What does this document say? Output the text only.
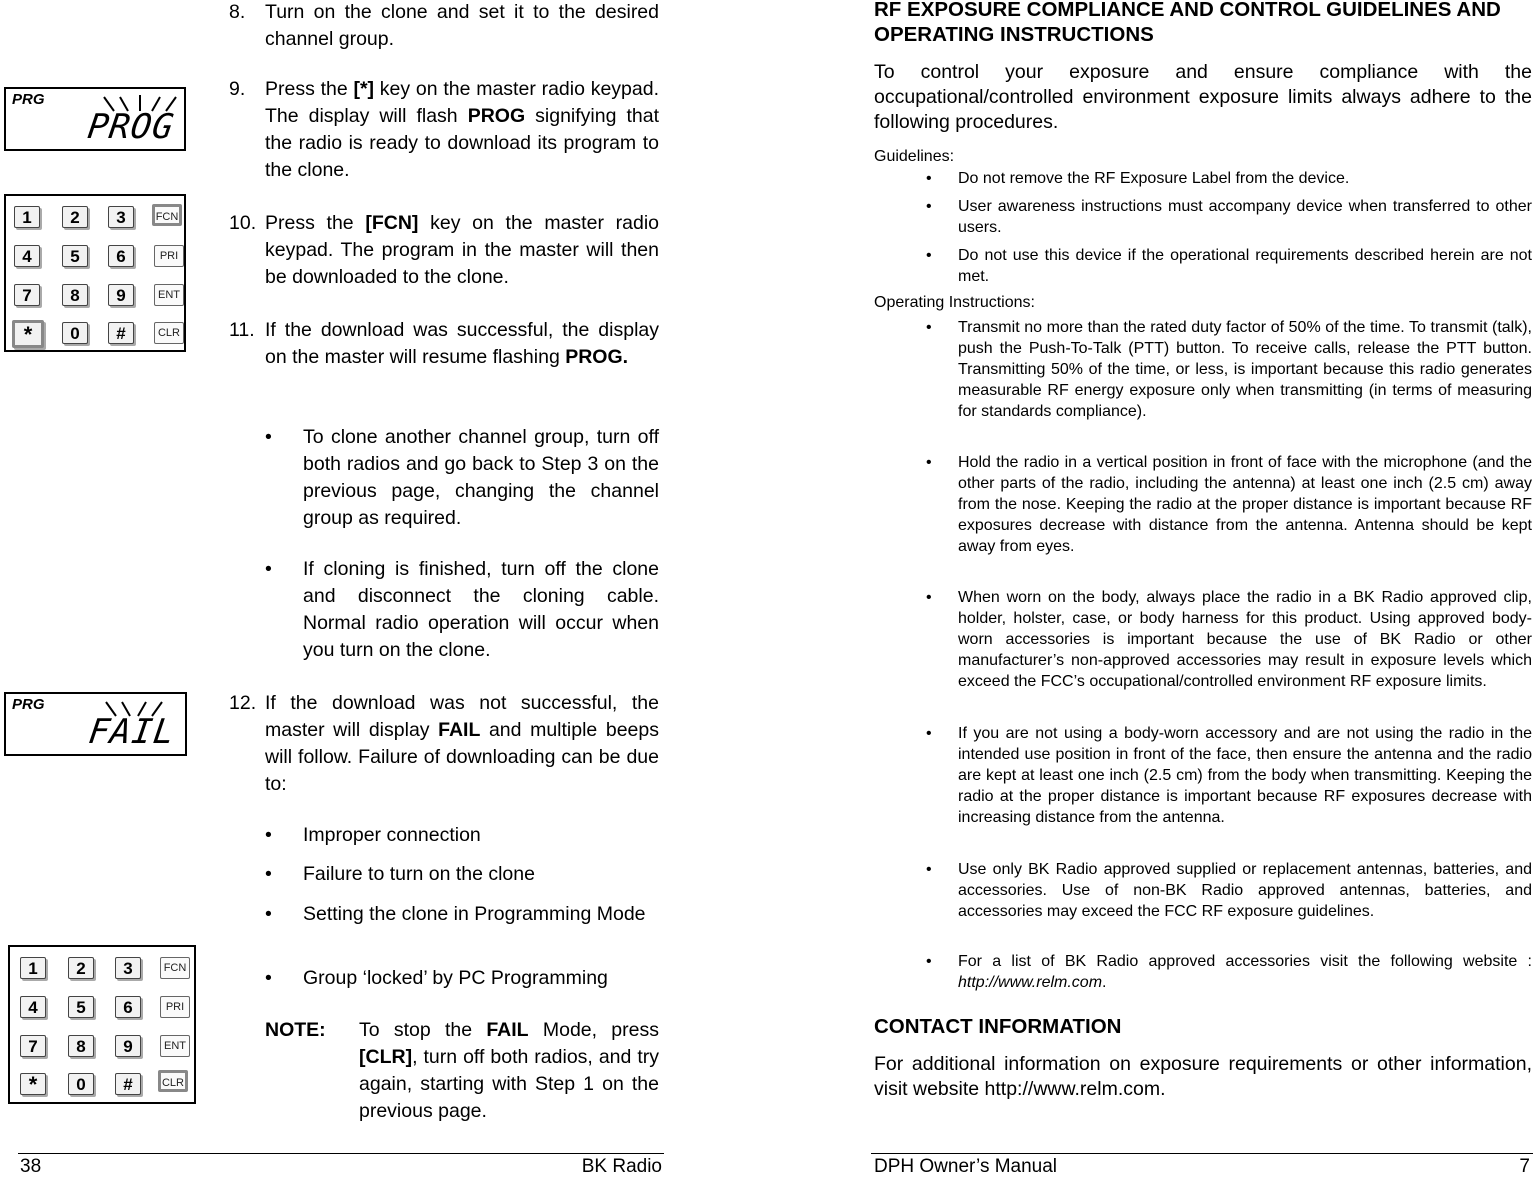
8. Turn on the clone and set it to the desired channel group.
PRG
PROG
9. Press the [*] key on the master radio keypad. The display will flash PROG signifying that the radio is ready to download its program to the clone.
1	2	3	FCN
4	5	6	PRI
7	8	9	ENT
*	0	#	CLR
10. Press the [FCN] key on the master radio keypad. The program in the master will then be downloaded to the clone.
11. If the download was successful, the display on the master will resume flashing PROG.
• To clone another channel group, turn off both radios and go back to Step 3 on the previous page, changing the channel group as required.
• If cloning is finished, turn off the clone and disconnect the cloning cable. Normal radio operation will occur when you turn on the clone.
PRG
FAIL
12. If the download was not successful, the master will display FAIL and multiple beeps will follow. Failure of downloading can be due to:
• Improper connection
• Failure to turn on the clone
• Setting the clone in Programming Mode
• Group ‘locked’ by PC Programming
1	2	3	FCN
4	5	6	PRI
7	8	9	ENT
*	0	#	CLR
NOTE: To stop the FAIL Mode, press [CLR], turn off both radios, and try again, starting with Step 1 on the previous page.
38	BK Radio
RF EXPOSURE COMPLIANCE AND CONTROL GUIDELINES AND OPERATING INSTRUCTIONS
To control your exposure and ensure compliance with the occupational/controlled environment exposure limits always adhere to the following procedures.
Guidelines:
• Do not remove the RF Exposure Label from the device.
• User awareness instructions must accompany device when transferred to other users.
• Do not use this device if the operational requirements described herein are not met.
Operating Instructions:
• Transmit no more than the rated duty factor of 50% of the time. To transmit (talk), push the Push-To-Talk (PTT) button. To receive calls, release the PTT button. Transmitting 50% of the time, or less, is important because this radio generates measurable RF energy exposure only when transmitting (in terms of measuring for standards compliance).
• Hold the radio in a vertical position in front of face with the microphone (and the other parts of the radio, including the antenna) at least one inch (2.5 cm) away from the nose. Keeping the radio at the proper distance is important because RF exposures decrease with distance from the antenna. Antenna should be kept away from eyes.
• When worn on the body, always place the radio in a BK Radio approved clip, holder, holster, case, or body harness for this product. Using approved body-worn accessories is important because the use of BK Radio or other manufacturer’s non-approved accessories may result in exposure levels which exceed the FCC’s occupational/controlled environment RF exposure limits.
• If you are not using a body-worn accessory and are not using the radio in the intended use position in front of the face, then ensure the antenna and the radio are kept at least one inch (2.5 cm) from the body when transmitting. Keeping the radio at the proper distance is important because RF exposures decrease with increasing distance from the antenna.
• Use only BK Radio approved supplied or replacement antennas, batteries, and accessories. Use of non-BK Radio approved antennas, batteries, and accessories may exceed the FCC RF exposure guidelines.
• For a list of BK Radio approved accessories visit the following website : http://www.relm.com.
CONTACT INFORMATION
For additional information on exposure requirements or other information, visit website http://www.relm.com.
DPH Owner’s Manual	7
